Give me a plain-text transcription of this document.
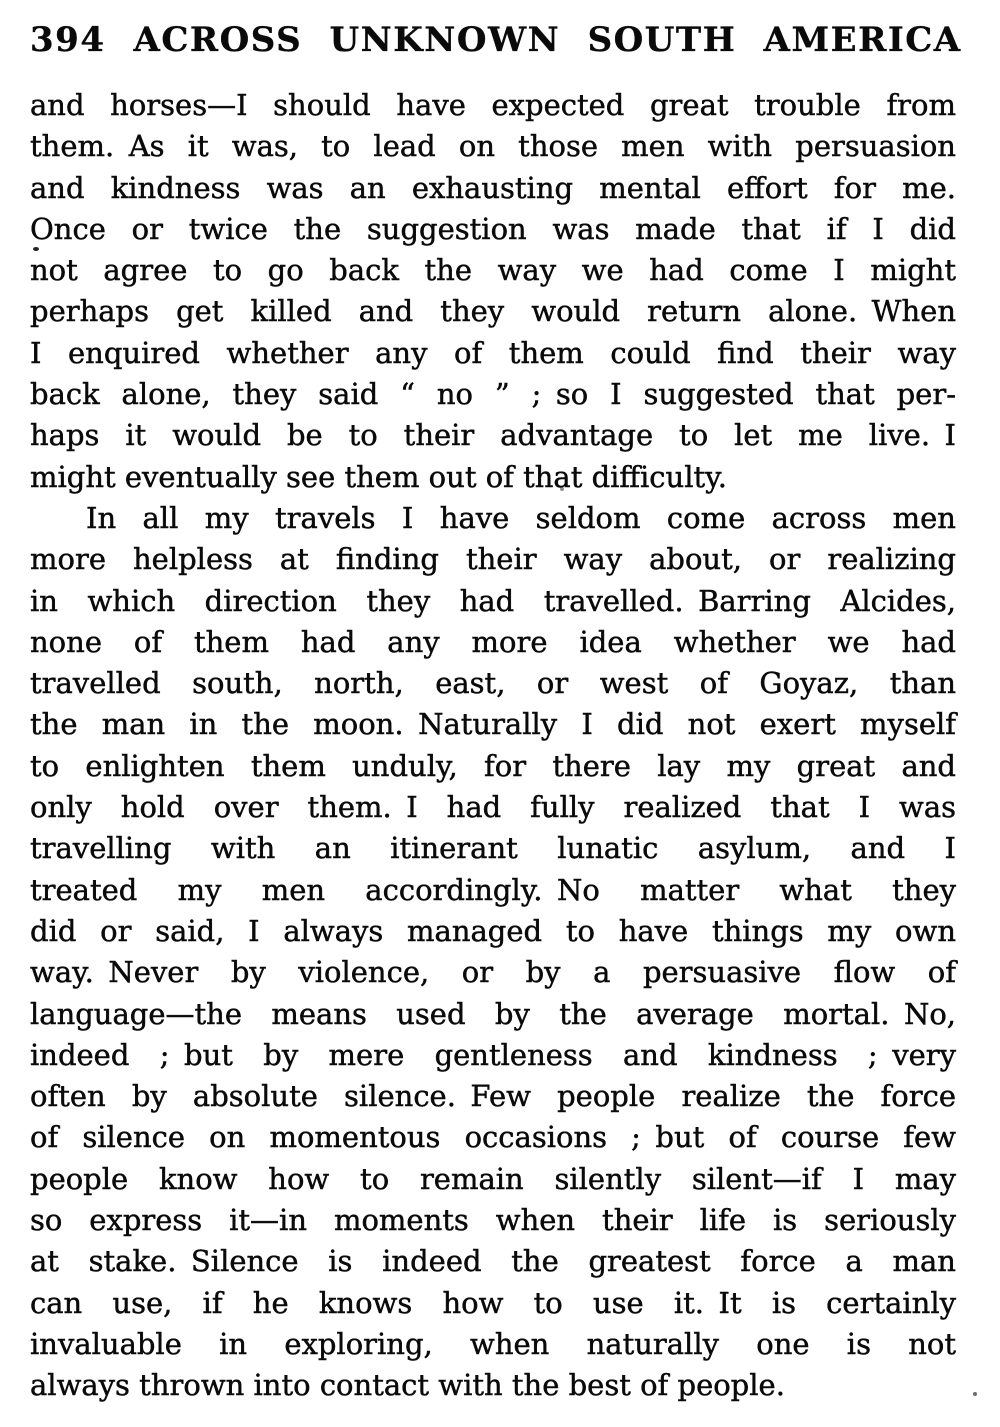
394 ACROSS UNKNOWN SOUTH AMERICA
and horses—I should have expected great trouble from
them. As it was, to lead on those men with persuasion
and kindness was an exhausting mental effort for me.
Once or twice the suggestion was made that if I did
not agree to go back the way we had come I might
perhaps get killed and they would return alone. When
I enquired whether any of them could find their way
back alone, they said “ no ” ; so I suggested that per-
haps it would be to their advantage to let me live. I
might eventually see them out of that difficulty.
In all my travels I have seldom come across men
more helpless at finding their way about, or realizing
in which direction they had travelled. Barring Alcides,
none of them had any more idea whether we had
travelled south, north, east, or west of Goyaz, than
the man in the moon. Naturally I did not exert myself
to enlighten them unduly, for there lay my great and
only hold over them. I had fully realized that I was
travelling with an itinerant lunatic asylum, and I
treated my men accordingly. No matter what they
did or said, I always managed to have things my own
way. Never by violence, or by a persuasive flow of
language—the means used by the average mortal. No,
indeed ; but by mere gentleness and kindness ; very
often by absolute silence. Few people realize the force
of silence on momentous occasions ; but of course few
people know how to remain silently silent—if I may
so express it—in moments when their life is seriously
at stake. Silence is indeed the greatest force a man
can use, if he knows how to use it. It is certainly
invaluable in exploring, when naturally one is not
always thrown into contact with the best of people.
